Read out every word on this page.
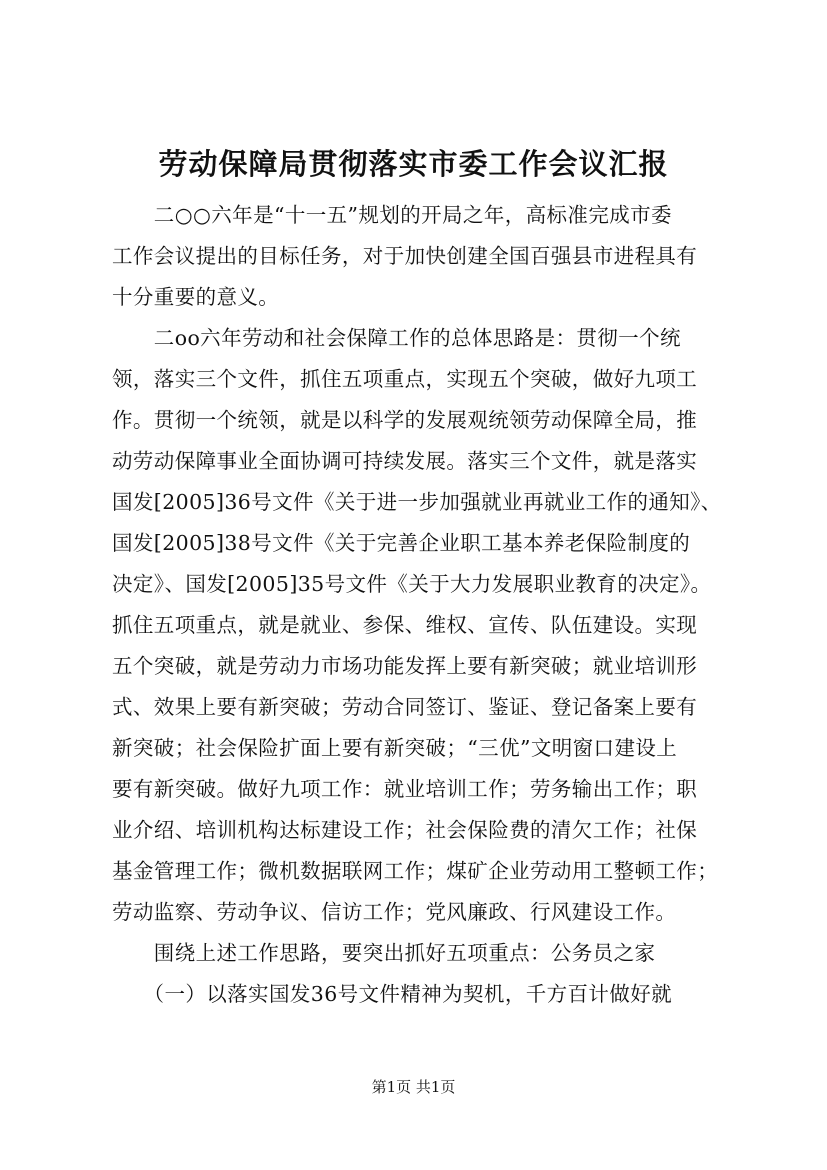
劳动保障局贯彻落实市委工作会议汇报
　　二○○六年是“十一五”规划的开局之年，高标准完成市委
工作会议提出的目标任务，对于加快创建全国百强县市进程具有
十分重要的意义。
　　二oo六年劳动和社会保障工作的总体思路是：贯彻一个统
领，落实三个文件，抓住五项重点，实现五个突破，做好九项工
作。贯彻一个统领，就是以科学的发展观统领劳动保障全局，推
动劳动保障事业全面协调可持续发展。落实三个文件，就是落实
国发[2005]36号文件《关于进一步加强就业再就业工作的通知》、
国发[2005]38号文件《关于完善企业职工基本养老保险制度的
决定》、国发[2005]35号文件《关于大力发展职业教育的决定》。
抓住五项重点，就是就业、参保、维权、宣传、队伍建设。实现
五个突破，就是劳动力市场功能发挥上要有新突破；就业培训形
式、效果上要有新突破；劳动合同签订、鉴证、登记备案上要有
新突破；社会保险扩面上要有新突破；“三优”文明窗口建设上
要有新突破。做好九项工作：就业培训工作；劳务输出工作；职
业介绍、培训机构达标建设工作；社会保险费的清欠工作；社保
基金管理工作；微机数据联网工作；煤矿企业劳动用工整顿工作；
劳动监察、劳动争议、信访工作；党风廉政、行风建设工作。
　　围绕上述工作思路，要突出抓好五项重点：公务员之家
　　（一）以落实国发36号文件精神为契机，千方百计做好就
第1页 共1页
